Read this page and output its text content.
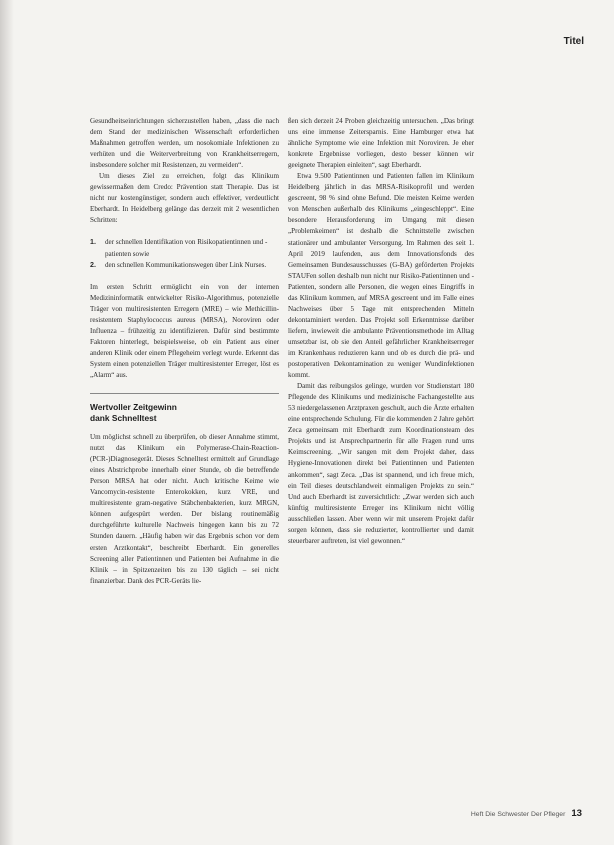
Titel

Gesundheitseinrichtungen sicherzustellen haben, „dass die nach dem Stand der medizinischen Wissenschaft erforderlichen Maßnahmen getroffen werden, um nosokomiale Infektionen zu verhüten und die Weiterverbreitung von Krankheitserregern, insbesondere solcher mit Resistenzen, zu vermeiden“.

Um dieses Ziel zu erreichen, folgt das Klinikum gewissermaßen dem Credo: Prävention statt Therapie. Das ist nicht nur kostengünstiger, sondern auch effektiver, verdeutlicht Eberhardt. In Heidelberg gelänge das derzeit mit 2 wesentlichen Schritten:

1. der schnellen Identifikation von Risikopatientinnen und -patienten sowie
2. den schnellen Kommunikationswegen über Link Nurses.

Im ersten Schritt ermöglicht ein von der internen Medizininformatik entwickelter Risiko-Algorithmus, potenzielle Träger von multiresistenten Erregern (MRE) – wie Methicillin-resistentem Staphylococcus aureus (MRSA), Noroviren oder Influenza – frühzeitig zu identifizieren. Dafür sind bestimmte Faktoren hinterlegt, beispielsweise, ob ein Patient aus einer anderen Klinik oder einem Pflegeheim verlegt wurde. Erkennt das System einen potenziellen Träger multiresistenter Erreger, löst es „Alarm“ aus.

Wertvoller Zeitgewinn
dank Schnelltest

Um möglichst schnell zu überprüfen, ob dieser Annahme stimmt, nutzt das Klinikum ein Polymerase-Chain-Reaction-(PCR-)Diagnosegerät. Dieses Schnelltest ermittelt auf Grundlage eines Abstrichprobe innerhalb einer Stunde, ob die betreffende Person MRSA hat oder nicht. Auch kritische Keime wie Vancomycin-resistente Enterokokken, kurz VRE, und multiresistente gram-negative Stäbchenbakterien, kurz MRGN, können aufgespürt werden. Der bislang routinemäßig durchgeführte kulturelle Nachweis hingegen kann bis zu 72 Stunden dauern. „Häufig haben wir das Ergebnis schon vor dem ersten Arztkontakt“, beschreibt Eberhardt. Ein generelles Screening aller Patientinnen und Patienten bei Aufnahme in die Klinik – in Spitzenzeiten bis zu 130 täglich – sei nicht finanzierbar. Dank des PCR-Geräts lie-

ßen sich derzeit 24 Proben gleichzeitig untersuchen. „Das bringt uns eine immense Zeitersparnis. Eine Hamburger etwa hat ähnliche Symptome wie eine Infektion mit Noroviren. Je eher konkrete Ergebnisse vorliegen, desto besser können wir geeignete Therapien einleiten“, sagt Eberhardt.

Etwa 9.500 Patientinnen und Patienten fallen im Klinikum Heidelberg jährlich in das MRSA-Risikoprofil und werden gescreent, 98 % sind ohne Befund. Die meisten Keime werden von Menschen außerhalb des Klinikums „eingeschleppt“. Eine besondere Herausforderung im Umgang mit diesen „Problemkeimen“ ist deshalb die Schnittstelle zwischen stationärer und ambulanter Versorgung. Im Rahmen des seit 1. April 2019 laufenden, aus dem Innovationsfonds des Gemeinsamen Bundesausschusses (G-BA) geförderten Projekts STAUFen sollen deshalb nun nicht nur Risiko-Patientinnen und -Patienten, sondern alle Personen, die wegen eines Eingriffs in das Klinikum kommen, auf MRSA gescreent und im Falle eines Nachweises über 5 Tage mit entsprechenden Mitteln dekontaminiert werden. Das Projekt soll Erkenntnisse darüber liefern, inwieweit die ambulante Präventionsmethode im Alltag umsetzbar ist, ob sie den Anteil gefährlicher Krankheitserreger im Krankenhaus reduzieren kann und ob es durch die prä- und postoperativen Dekontamination zu weniger Wundinfektionen kommt.

Damit das reibungslos gelinge, wurden vor Studienstart 180 Pflegende des Klinikums und medizinische Fachangestellte aus 53 niedergelassenen Arztpraxen geschult, auch die Ärzte erhalten eine entsprechende Schulung. Für die kommenden 2 Jahre gehört Zeca gemeinsam mit Eberhardt zum Koordinationsteam des Projekts und ist Ansprechpartnerin für alle Fragen rund ums Keimscreening. „Wir sangen mit dem Projekt daher, dass Hygiene-Innovationen direkt bei Patientinnen und Patienten ankommen“, sagt Zeca. „Das ist spannend, und ich freue mich, ein Teil dieses deutschlandweit einmaligen Projekts zu sein.“ Und auch Eberhardt ist zuversichtlich: „Zwar werden sich auch künftig multiresistente Erreger ins Klinikum nicht völlig ausschließen lassen. Aber wenn wir mit unserem Projekt dafür sorgen können, dass sie reduzierter, kontrollierter und damit steuerbarer auftreten, ist viel gewonnen.“

Heft Die Schwester Der Pfleger 13
